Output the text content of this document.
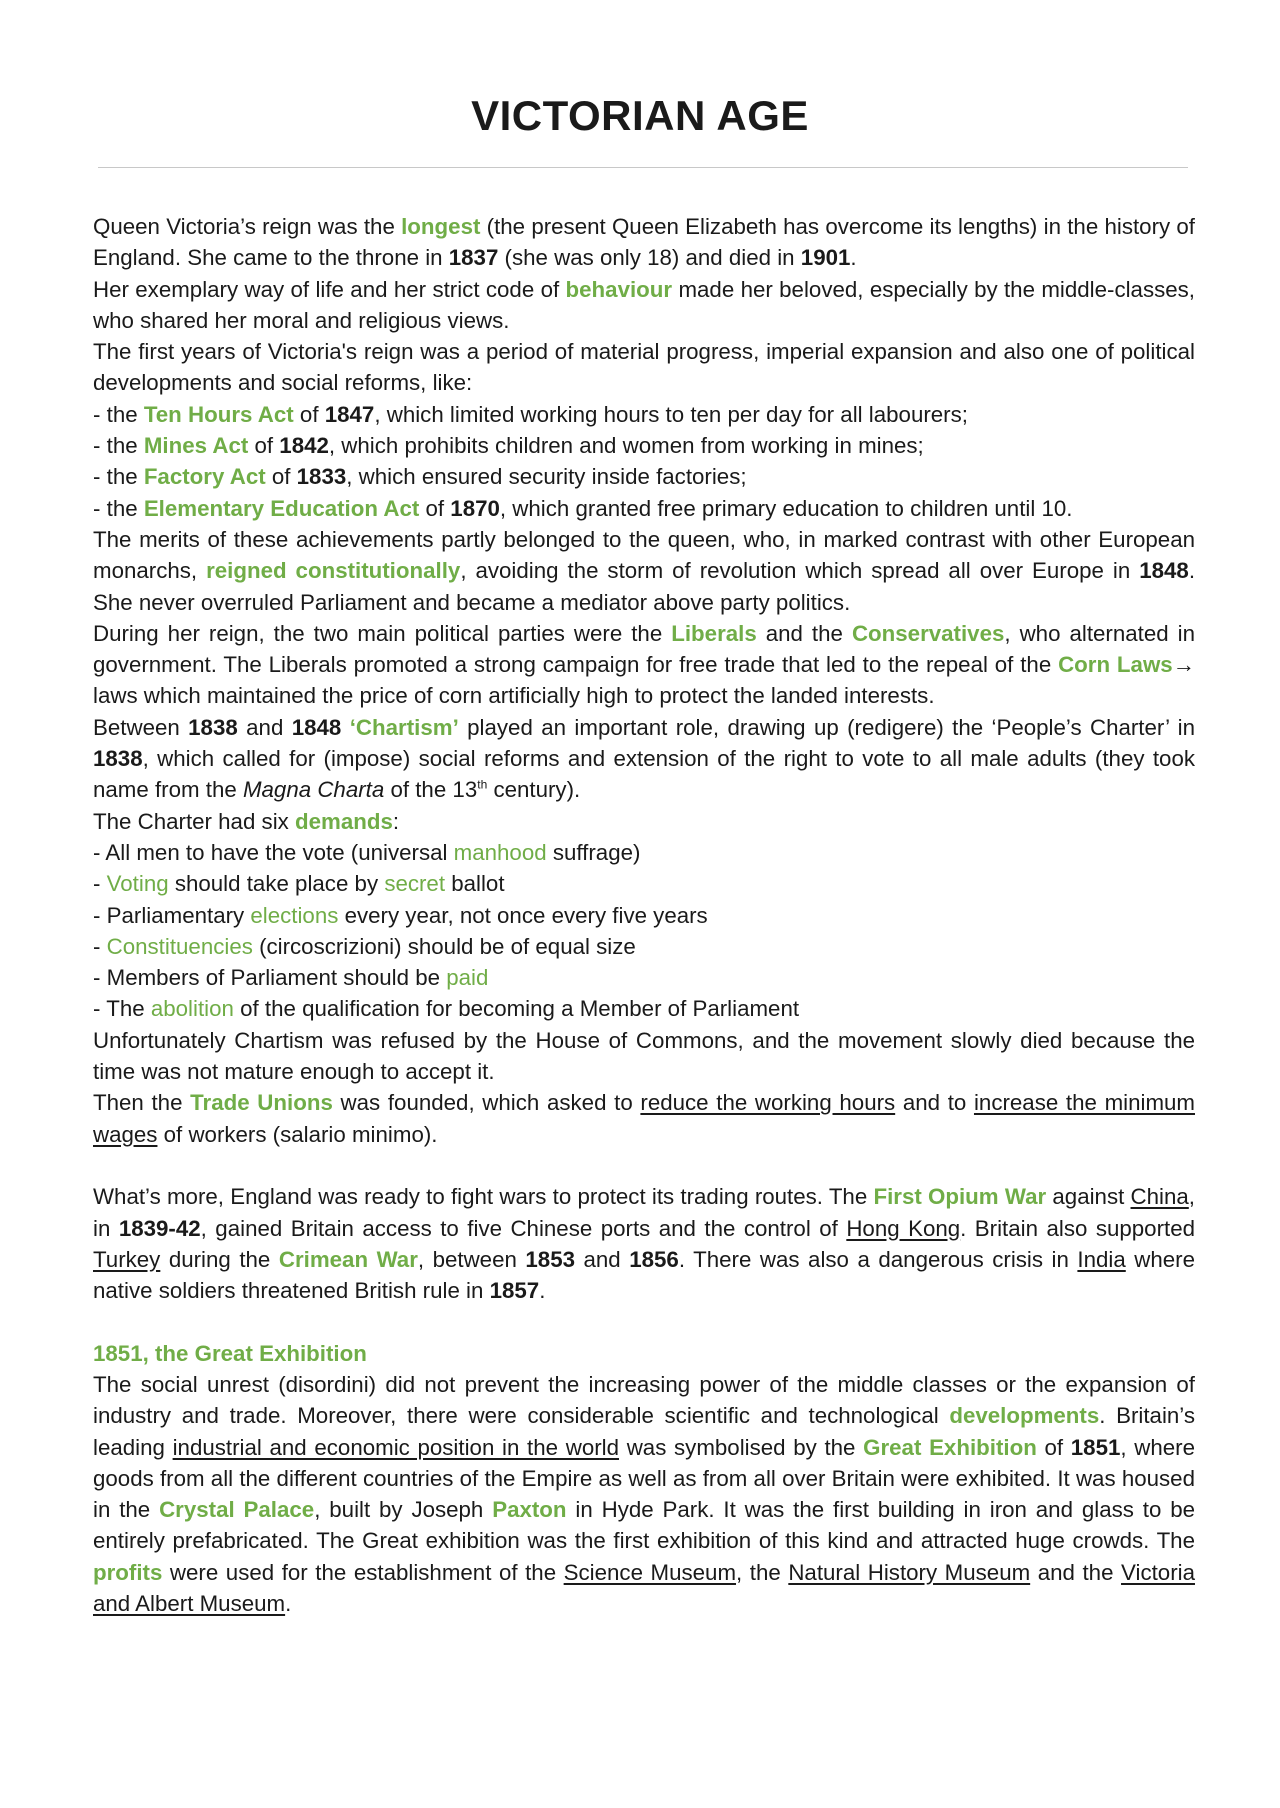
VICTORIAN AGE

Queen Victoria’s reign was the longest (the present Queen Elizabeth has overcome its lengths) in the history of England. She came to the throne in 1837 (she was only 18) and died in 1901.

Her exemplary way of life and her strict code of behaviour made her beloved, especially by the middle-classes, who shared her moral and religious views.

The first years of Victoria's reign was a period of material progress, imperial expansion and also one of political developments and social reforms, like:

- the Ten Hours Act of 1847, which limited working hours to ten per day for all labourers;

- the Mines Act of 1842, which prohibits children and women from working in mines;

- the Factory Act of 1833, which ensured security inside factories;

- the Elementary Education Act of 1870, which granted free primary education to children until 10.

The merits of these achievements partly belonged to the queen, who, in marked contrast with other European monarchs, reigned constitutionally, avoiding the storm of revolution which spread all over Europe in 1848. She never overruled Parliament and became a mediator above party politics.

During her reign, the two main political parties were the Liberals and the Conservatives, who alternated in government. The Liberals promoted a strong campaign for free trade that led to the repeal of the Corn Laws→ laws which maintained the price of corn artificially high to protect the landed interests.

Between 1838 and 1848 ‘Chartism’ played an important role, drawing up (redigere) the ‘People’s Charter’ in 1838, which called for (impose) social reforms and extension of the right to vote to all male adults (they took name from the Magna Charta of the 13th century).

The Charter had six demands:

- All men to have the vote (universal manhood suffrage)

- Voting should take place by secret ballot

- Parliamentary elections every year, not once every five years

- Constituencies (circoscrizioni) should be of equal size

- Members of Parliament should be paid

- The abolition of the qualification for becoming a Member of Parliament

Unfortunately Chartism was refused by the House of Commons, and the movement slowly died because the time was not mature enough to accept it.

Then the Trade Unions was founded, which asked to reduce the working hours and to increase the minimum wages of workers (salario minimo).

What’s more, England was ready to fight wars to protect its trading routes. The First Opium War against China, in 1839-42, gained Britain access to five Chinese ports and the control of Hong Kong. Britain also supported Turkey during the Crimean War, between 1853 and 1856. There was also a dangerous crisis in India where native soldiers threatened British rule in 1857.

1851, the Great Exhibition

The social unrest (disordini) did not prevent the increasing power of the middle classes or the expansion of industry and trade. Moreover, there were considerable scientific and technological developments. Britain’s leading industrial and economic position in the world was symbolised by the Great Exhibition of 1851, where goods from all the different countries of the Empire as well as from all over Britain were exhibited. It was housed in the Crystal Palace, built by Joseph Paxton in Hyde Park. It was the first building in iron and glass to be entirely prefabricated. The Great exhibition was the first exhibition of this kind and attracted huge crowds. The profits were used for the establishment of the Science Museum, the Natural History Museum and the Victoria and Albert Museum.
